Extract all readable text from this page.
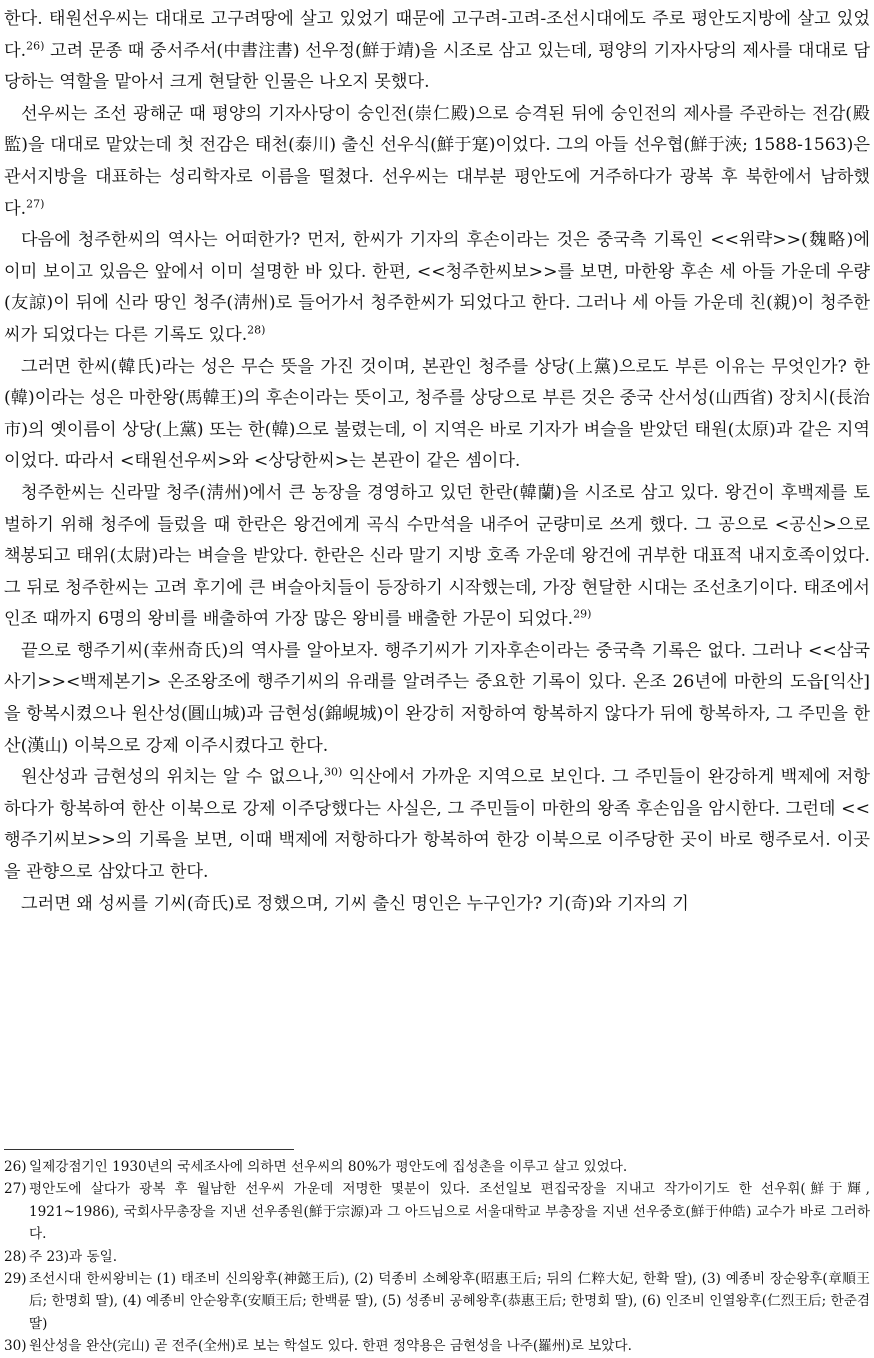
한다. 태원선우씨는 대대로 고구려땅에 살고 있었기 때문에 고구려-고려-조선시대에도 주로 평안도지방에 살고 있었다.$^{26)}$ 고려 문종 때 중서주서(中書注書) 선우정(鮮于靖)을 시조로 삼고 있는데, 평양의 기자사당의 제사를 대대로 담당하는 역할을 맡아서 크게 현달한 인물은 나오지 못했다.

선우씨는 조선 광해군 때 평양의 기자사당이 숭인전(崇仁殿)으로 승격된 뒤에 숭인전의 제사를 주관하는 전감(殿監)을 대대로 맡았는데 첫 전감은 태천(泰川) 출신 선우식(鮮于寔)이었다. 그의 아들 선우협(鮮于浹; 1588-1563)은 관서지방을 대표하는 성리학자로 이름을 떨쳤다. 선우씨는 대부분 평안도에 거주하다가 광복 후 북한에서 남하했다.$^{27)}$

다음에 청주한씨의 역사는 어떠한가? 먼저, 한씨가 기자의 후손이라는 것은 중국측 기록인 <<위략>>(魏略)에 이미 보이고 있음은 앞에서 이미 설명한 바 있다. 한편, <<청주한씨보>>를 보면, 마한왕 후손 세 아들 가운데 우량(友諒)이 뒤에 신라 땅인 청주(淸州)로 들어가서 청주한씨가 되었다고 한다. 그러나 세 아들 가운데 친(親)이 청주한씨가 되었다는 다른 기록도 있다.$^{28)}$

그러면 한씨(韓氏)라는 성은 무슨 뜻을 가진 것이며, 본관인 청주를 상당(上黨)으로도 부른 이유는 무엇인가? 한(韓)이라는 성은 마한왕(馬韓王)의 후손이라는 뜻이고, 청주를 상당으로 부른 것은 중국 산서성(山西省) 장치시(長治市)의 옛이름이 상당(上黨) 또는 한(韓)으로 불렸는데, 이 지역은 바로 기자가 벼슬을 받았던 태원(太原)과 같은 지역이었다. 따라서 <태원선우씨>와 <상당한씨>는 본관이 같은 셈이다.

청주한씨는 신라말 청주(淸州)에서 큰 농장을 경영하고 있던 한란(韓蘭)을 시조로 삼고 있다. 왕건이 후백제를 토벌하기 위해 청주에 들렀을 때 한란은 왕건에게 곡식 수만석을 내주어 군량미로 쓰게 했다. 그 공으로 <공신>으로 책봉되고 태위(太尉)라는 벼슬을 받았다. 한란은 신라 말기 지방 호족 가운데 왕건에 귀부한 대표적 내지호족이었다. 그 뒤로 청주한씨는 고려 후기에 큰 벼슬아치들이 등장하기 시작했는데, 가장 현달한 시대는 조선초기이다. 태조에서 인조 때까지 6명의 왕비를 배출하여 가장 많은 왕비를 배출한 가문이 되었다.$^{29)}$

끝으로 행주기씨(幸州奇氏)의 역사를 알아보자. 행주기씨가 기자후손이라는 중국측 기록은 없다. 그러나 <<삼국사기>><백제본기> 온조왕조에 행주기씨의 유래를 알려주는 중요한 기록이 있다. 온조 26년에 마한의 도읍[익산]을 항복시켰으나 원산성(圓山城)과 금현성(錦峴城)이 완강히 저항하여 항복하지 않다가 뒤에 항복하자, 그 주민을 한산(漢山) 이북으로 강제 이주시켰다고 한다.

원산성과 금현성의 위치는 알 수 없으나,$^{30)}$ 익산에서 가까운 지역으로 보인다. 그 주민들이 완강하게 백제에 저항하다가 항복하여 한산 이북으로 강제 이주당했다는 사실은, 그 주민들이 마한의 왕족 후손임을 암시한다. 그런데 <<행주기씨보>>의 기록을 보면, 이때 백제에 저항하다가 항복하여 한강 이북으로 이주당한 곳이 바로 행주로서. 이곳을 관향으로 삼았다고 한다.

그러면 왜 성씨를 기씨(奇氏)로 정했으며, 기씨 출신 명인은 누구인가? 기(奇)와 기자의 기

26) 일제강점기인 1930년의 국세조사에 의하면 선우씨의 80%가 평안도에 집성촌을 이루고 살고 있었다.

27) 평안도에 살다가 광복 후 월남한 선우씨 가운데 저명한 몇분이 있다. 조선일보 편집국장을 지내고 작가이기도 한 선우휘(鮮于輝, 1921~1986), 국회사무총장을 지낸 선우종원(鮮于宗源)과 그 아드님으로 서울대학교 부총장을 지낸 선우중호(鮮于仲皓) 교수가 바로 그러하다.

28) 주 23)과 동일.

29) 조선시대 한씨왕비는 (1) 태조비 신의왕후(神懿王后), (2) 덕종비 소혜왕후(昭惠王后; 뒤의 仁粹大妃, 한확 딸), (3) 예종비 장순왕후(章順王后; 한명회 딸), (4) 예종비 안순왕후(安順王后; 한백륜 딸), (5) 성종비 공혜왕후(恭惠王后; 한명회 딸), (6) 인조비 인열왕후(仁烈王后; 한준겸 딸)

30) 원산성을 완산(完山) 곧 전주(全州)로 보는 학설도 있다. 한편 정약용은 금현성을 나주(羅州)로 보았다.
